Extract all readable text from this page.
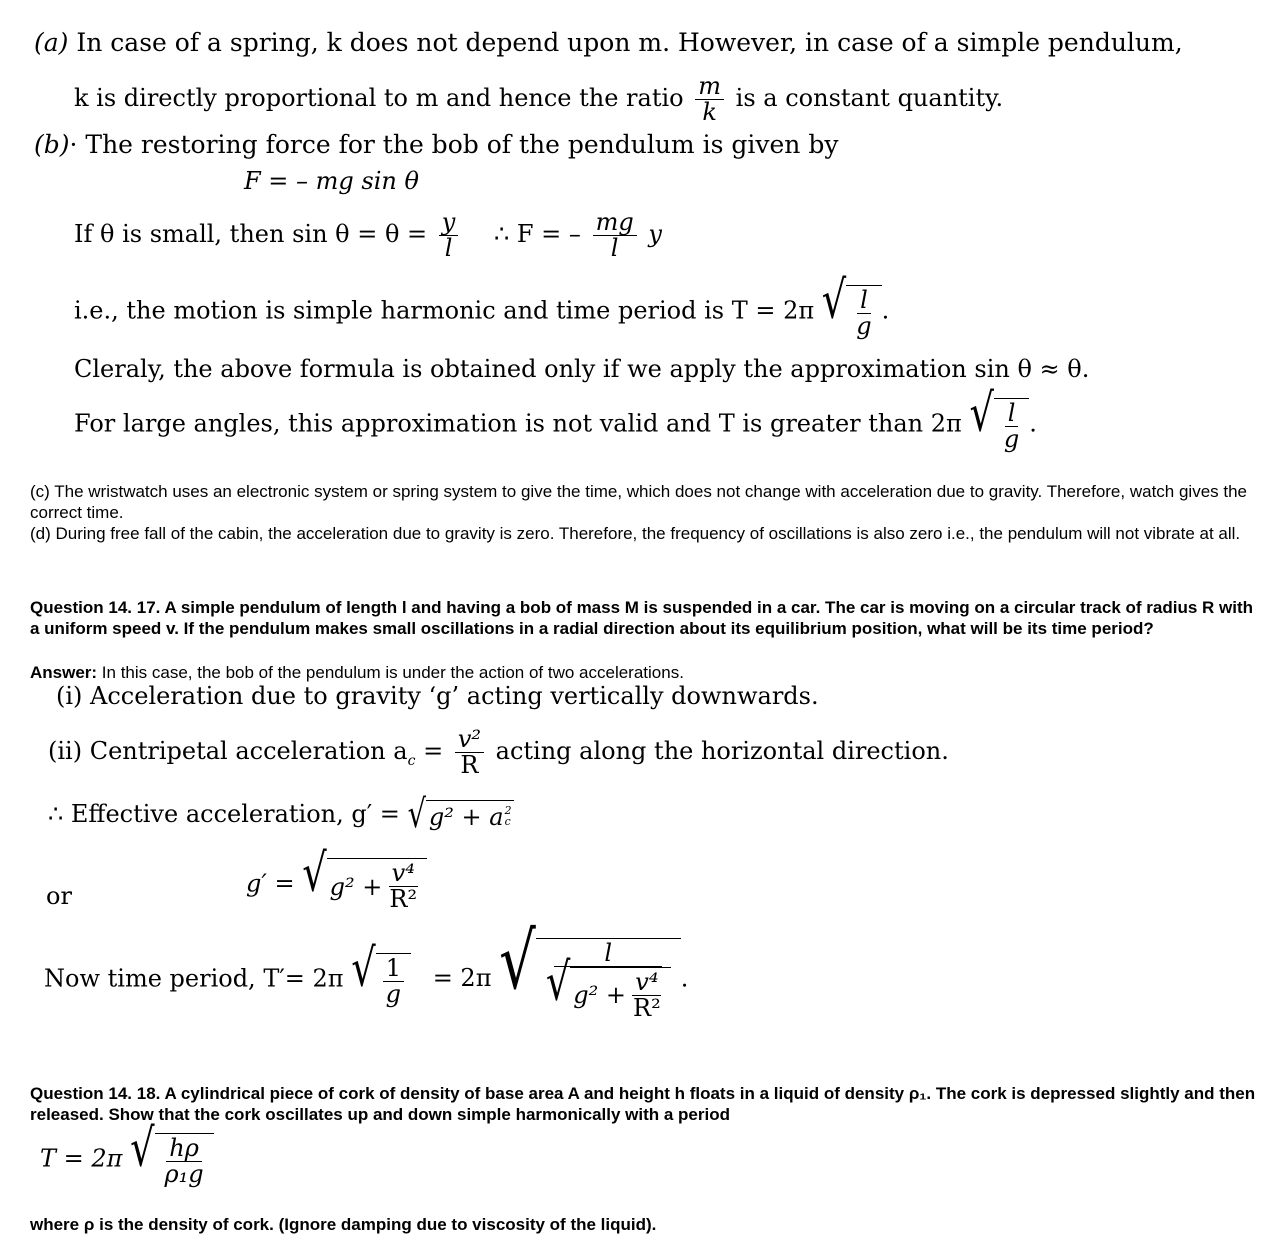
(a) In case of a spring, k does not depend upon m. However, in case of a simple pendulum,
k is directly proportional to m and hence the ratio $\frac{m}{k}$ is a constant quantity.
(b)· The restoring force for the bob of the pendulum is given by
F = – mg sin θ
If θ is small, then $\sin \theta = \theta = \frac{y}{l}$ ∴ F = – $\frac{mg}{l}$ y
i.e., the motion is simple harmonic and time period is T = 2π √ $\frac{l}{g}$ .
Cleraly, the above formula is obtained only if we apply the approximation sin θ ≈ θ.
For large angles, this approximation is not valid and T is greater than 2π √ $\frac{l}{g}$ .
(c) The wristwatch uses an electronic system or spring system to give the time, which does not change with acceleration due to gravity. Therefore, watch gives the correct time.
(d) During free fall of the cabin, the acceleration due to gravity is zero. Therefore, the frequency of oscillations is also zero i.e., the pendulum will not vibrate at all.
Question 14. 17. A simple pendulum of length l and having a bob of mass M is suspended in a car. The car is moving on a circular track of radius R with a uniform speed v. If the pendulum makes small oscillations in a radial direction about its equilibrium position, what will be its time period?
Answer: In this case, the bob of the pendulum is under the action of two accelerations.
(i) Acceleration due to gravity ‘g’ acting vertically downwards.
(ii) Centripetal acceleration $a_c = \frac{\text{v²}}{R}$ acting along the horizontal direction.
∴ Effective acceleration, g′ = √ g² + a 2
c
or	g′ = √ $g^2 + \frac{\text{v⁴}}{\text{R²}}$
Now time period, T′= 2π √ $\frac{1}{g} = 2\pi$ √	l
√ $g^2 + \frac{\text{v⁴}}{\text{R²}}$ .
Question 14. 18. A cylindrical piece of cork of density of base area A and height h floats in a liquid of density ρ₁. The cork is depressed slightly and then released. Show that the cork oscillates up and down simple harmonically with a period
T = 2π √ $\frac{h\rho}{\text{ρ₁g}}$
where ρ is the density of cork. (Ignore damping due to viscosity of the liquid).
